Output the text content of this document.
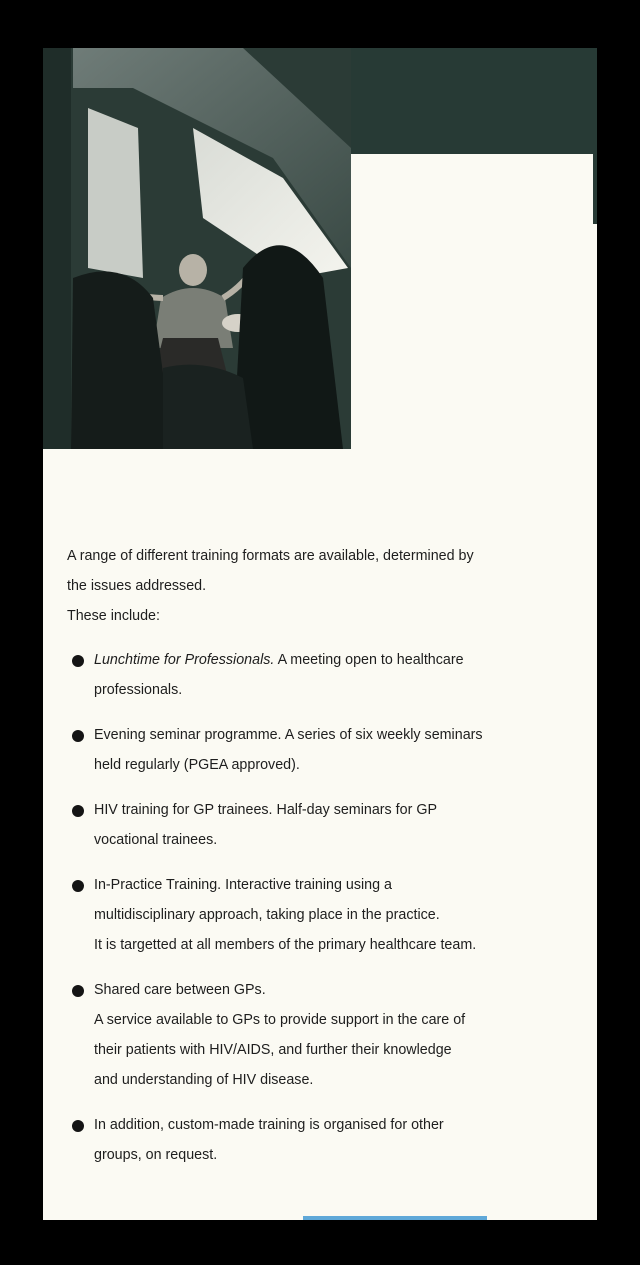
A range of different training formats are available, determined by

the issues addressed.

These include:

Lunchtime for Professionals. A meeting open to healthcare
professionals.
Evening seminar programme. A series of six weekly seminars
held regularly (PGEA approved).
HIV training for GP trainees. Half-day seminars for GP
vocational trainees.
In-Practice Training. Interactive training using a
multidisciplinary approach, taking place in the practice.
It is targetted at all members of the primary healthcare team.
Shared care between GPs.
A service available to GPs to provide support in the care of
their patients with HIV/AIDS, and further their knowledge
and understanding of HIV disease.
In addition, custom-made training is organised for other
groups, on request.
